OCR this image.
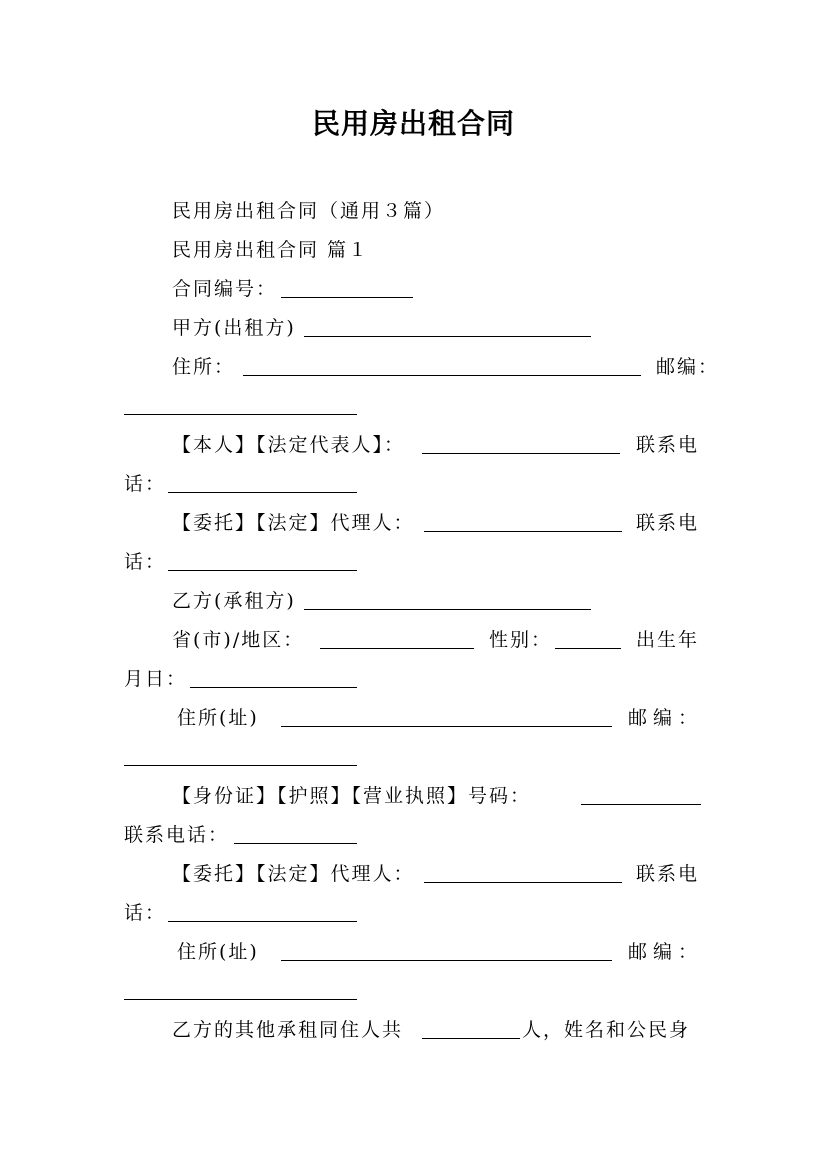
民用房出租合同
民用房出租合同（通用３篇）
民用房出租合同 篇１
合同编号：
甲方(出租方)
住所：	邮编：
【本人】【法定代表人】：	联系电
话：
【委托】【法定】代理人：	联系电
话：
乙方(承租方)
省(市)/地区：	性别：	出生年
月日：
住所(址)	邮编：
【身份证】【护照】【营业执照】号码：
联系电话：
【委托】【法定】代理人：	联系电
话：
住所(址)	邮编：
乙方的其他承租同住人共	人，姓名和公民身
